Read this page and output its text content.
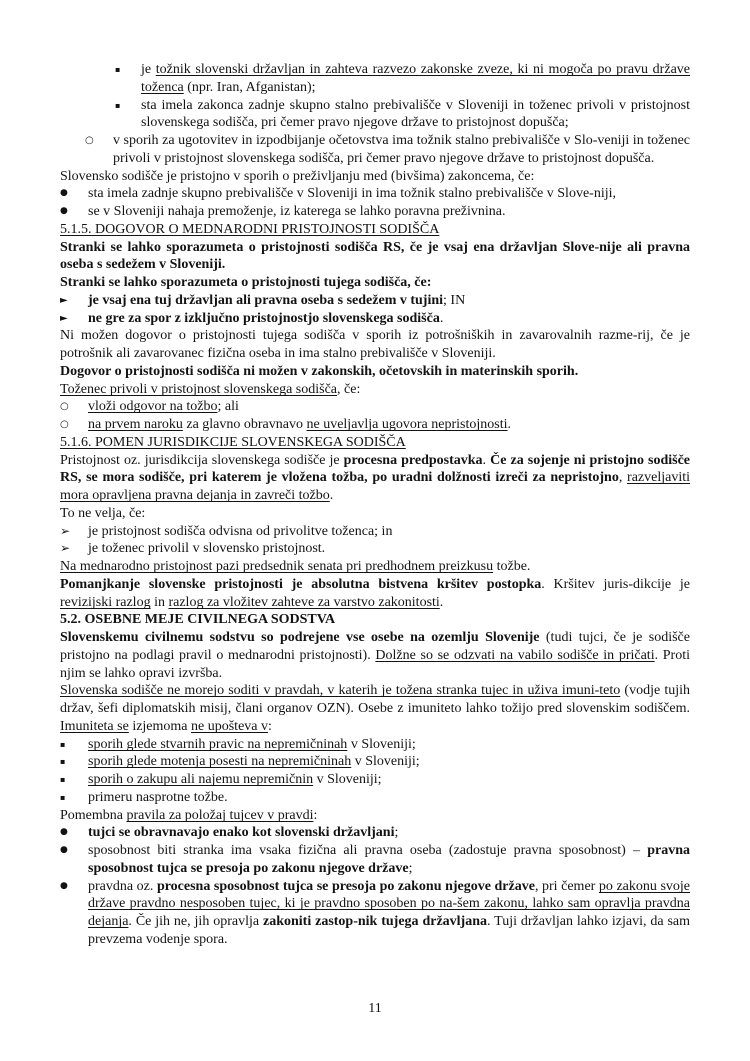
▪ je tožnik slovenski državljan in zahteva razvezo zakonske zveze, ki ni mogoča po pravu države toženca (npr. Iran, Afganistan);
▪ sta imela zakonca zadnje skupno stalno prebivališče v Sloveniji in toženec privoli v pristojnost slovenskega sodišča, pri čemer pravo njegove države to pristojnost dopušča;
○ v sporih za ugotovitev in izpodbijanje očetovstva ima tožnik stalno prebivališče v Slo-veniji in toženec privoli v pristojnost slovenskega sodišča, pri čemer pravo njegove države to pristojnost dopušča.
Slovensko sodišče je pristojno v sporih o preživljanju med (bivšima) zakoncema, če:
● sta imela zadnje skupno prebivališče v Sloveniji in ima tožnik stalno prebivališče v Slove-niji,
● se v Sloveniji nahaja premoženje, iz katerega se lahko poravna preživnina.
5.1.5. DOGOVOR O MEDNARODNI PRISTOJNOSTI SODIŠČA
Stranki se lahko sporazumeta o pristojnosti sodišča RS, če je vsaj ena državljan Slove-nije ali pravna oseba s sedežem v Sloveniji.
Stranki se lahko sporazumeta o pristojnosti tujega sodišča, če:
► je vsaj ena tuj državljan ali pravna oseba s sedežem v tujini; IN
► ne gre za spor z izključno pristojnostjo slovenskega sodišča.
Ni možen dogovor o pristojnosti tujega sodišča v sporih iz potrošniških in zavarovalnih razme-rij, če je potrošnik ali zavarovanec fizična oseba in ima stalno prebivališče v Sloveniji.
Dogovor o pristojnosti sodišča ni možen v zakonskih, očetovskih in materinskih sporih.
Toženec privoli v pristojnost slovenskega sodišča, če:
○ vloži odgovor na tožbo; ali
○ na prvem naroku za glavno obravnavo ne uveljavlja ugovora nepristojnosti.
5.1.6. POMEN JURISDIKCIJE SLOVENSKEGA SODIŠČA
Pristojnost oz. jurisdikcija slovenskega sodišče je procesna predpostavka. Če za sojenje ni pristojno sodišče RS, se mora sodišče, pri katerem je vložena tožba, po uradni dolžnosti izreči za nepristojno, razveljaviti mora opravljena pravna dejanja in zavreči tožbo.
To ne velja, če:
➢ je pristojnost sodišča odvisna od privolitve toženca; in
➢ je toženec privolil v slovensko pristojnost.
Na mednarodno pristojnost pazi predsednik senata pri predhodnem preizkusu tožbe.
Pomanjkanje slovenske pristojnosti je absolutna bistvena kršitev postopka. Kršitev juris-dikcije je revizijski razlog in razlog za vložitev zahteve za varstvo zakonitosti.
5.2. OSEBNE MEJE CIVILNEGA SODSTVA
Slovenskemu civilnemu sodstvu so podrejene vse osebe na ozemlju Slovenije (tudi tujci, če je sodišče pristojno na podlagi pravil o mednarodni pristojnosti). Dolžne so se odzvati na vabilo sodišče in pričati. Proti njim se lahko opravi izvršba.
Slovenska sodišče ne morejo soditi v pravdah, v katerih je tožena stranka tujec in uživa imuni-teto (vodje tujih držav, šefi diplomatskih misij, člani organov OZN). Osebe z imuniteto lahko tožijo pred slovenskim sodiščem. Imuniteta se izjemoma ne upošteva v:
▪ sporih glede stvarnih pravic na nepremičninah v Sloveniji;
▪ sporih glede motenja posesti na nepremičninah v Sloveniji;
▪ sporih o zakupu ali najemu nepremičnin v Sloveniji;
▪ primeru nasprotne tožbe.
Pomembna pravila za položaj tujcev v pravdi:
● tujci se obravnavajo enako kot slovenski državljani;
● sposobnost biti stranka ima vsaka fizična ali pravna oseba (zadostuje pravna sposobnost) – pravna sposobnost tujca se presoja po zakonu njegove države;
● pravdna oz. procesna sposobnost tujca se presoja po zakonu njegove države, pri čemer po zakonu svoje države pravdno nesposoben tujec, ki je pravdno sposoben po na-šem zakonu, lahko sam opravlja pravdna dejanja. Če jih ne, jih opravlja zakoniti zastop-nik tujega državljana. Tuji državljan lahko izjavi, da sam prevzema vodenje spora.
11
